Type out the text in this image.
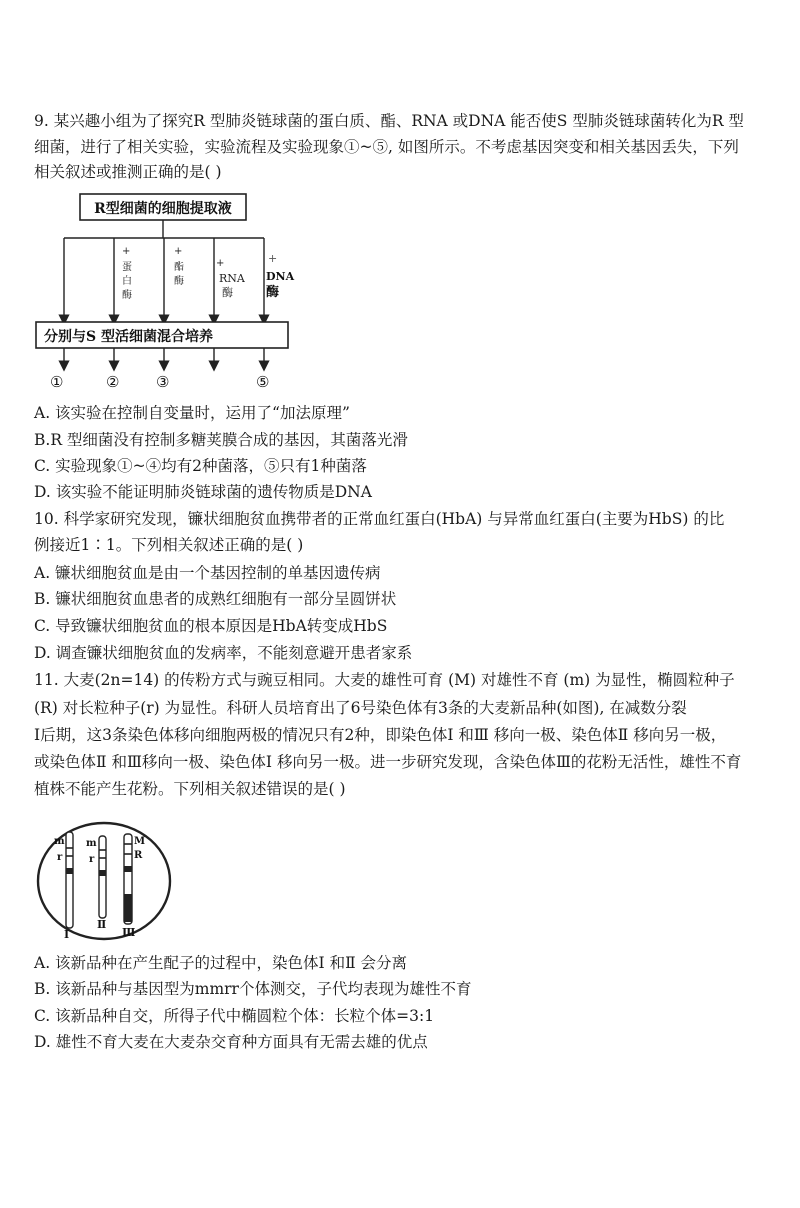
9. 某兴趣小组为了探究R 型肺炎链球菌的蛋白质、酯、RNA 或DNA 能否使S 型肺炎链球菌转化为R 型
细菌，进行了相关实验，实验流程及实验现象①~⑤, 如图所示。不考虑基因突变和相关基因丢失，下列
相关叙述或推测正确的是( )
R型细菌的细胞提取液
+
蛋
白
酶
+
酯
酶
+
RNA
酶
+
DNA
酶
分别与S 型活细菌混合培养
①	② ③	⑤
A. 该实验在控制自变量时，运用了“加法原理”
B.R 型细菌没有控制多糖荚膜合成的基因，其菌落光滑
C. 实验现象①~④均有2种菌落，⑤只有1种菌落
D. 该实验不能证明肺炎链球菌的遗传物质是DNA
10. 科学家研究发现，镰状细胞贫血携带者的正常血红蛋白(HbA) 与异常血红蛋白(主要为HbS) 的比
例接近1∶1。下列相关叙述正确的是( )
A. 镰状细胞贫血是由一个基因控制的单基因遗传病
B. 镰状细胞贫血患者的成熟红细胞有一部分呈圆饼状
C. 导致镰状细胞贫血的根本原因是HbA转变成HbS
D. 调查镰状细胞贫血的发病率，不能刻意避开患者家系
11. 大麦(2n=14) 的传粉方式与豌豆相同。大麦的雄性可育 (M) 对雄性不育 (m) 为显性，椭圆粒种子
(R) 对长粒种子(r) 为显性。科研人员培育出了6号染色体有3条的大麦新品种(如图), 在减数分裂
Ⅰ后期，这3条染色体移向细胞两极的情况只有2种，即染色体Ⅰ 和Ⅲ 移向一极、染色体Ⅱ 移向另一极，
或染色体Ⅱ 和Ⅲ移向一极、染色体Ⅰ 移向另一极。进一步研究发现，含染色体Ⅲ的花粉无活性，雄性不育
植株不能产生花粉。下列相关叙述错误的是( )
m
r
Ⅰ
m
r
Ⅱ
M
R
Ⅲ
A. 该新品种在产生配子的过程中，染色体Ⅰ 和Ⅱ 会分离
B. 该新品种与基因型为mmrr个体测交，子代均表现为雄性不育
C. 该新品种自交，所得子代中椭圆粒个体：长粒个体=3:1
D. 雄性不育大麦在大麦杂交育种方面具有无需去雄的优点
